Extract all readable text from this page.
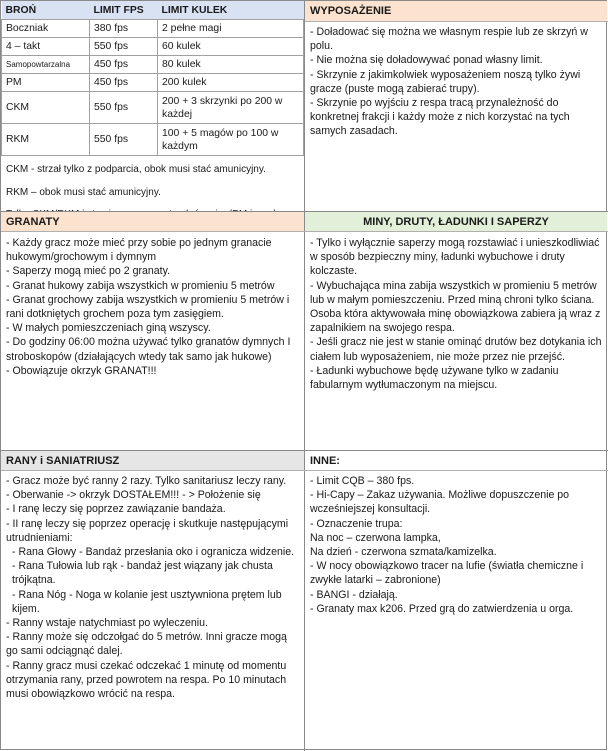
BROŃ	LIMIT FPS	LIMIT KULEK
Boczniak	380 fps	2 pełne magi
4 – takt	550 fps	60 kulek
Samopowtarzalna	450 fps	80 kulek
PM	450 fps	200 kulek
CKM	550 fps	200 + 3 skrzynki po 200 w każdej
RKM	550 fps	100 + 5 magów po 100 w każdym

CKM - strzał tylko z podparcia, obok musi stać amunicyjny.

RKM – obok musi stać amunicyjny.

WYPOSAŻENIE

- Doładować się można we własnym respie lub ze skrzyń w polu.

- Nie można się doładowywać ponad własny limit.

- Skrzynie z jakimkolwiek wyposażeniem noszą tylko żywi gracze (puste mogą zabierać trupy).

- Skrzynie po wyjściu z respa tracą przynależność do konkretnej frakcji i każdy może z nich korzystać na tych samych zasadach.

GRANATY

- Każdy gracz może mieć przy sobie po jednym granacie hukowym/grochowym i dymnym

- Saperzy mogą mieć po 2 granaty.

- Granat hukowy zabija wszystkich w promieniu 5 metrów

- Granat grochowy zabija wszystkich w promieniu 5 metrów i rani dotkniętych grochem poza tym zasięgiem.

- W małych pomieszczeniach giną wszyscy.

- Do godziny 06:00 można używać tylko granatów dymnych I stroboskopów (działających wtedy tak samo jak hukowe)

- Obowiązuje okrzyk GRANAT!!!

MINY, DRUTY, ŁADUNKI I SAPERZY

- Tylko i wyłącznie saperzy mogą rozstawiać i unieszkodliwiać w sposób bezpieczny miny, ładunki wybuchowe i druty kolczaste.

- Wybuchająca mina zabija wszystkich w promieniu 5 metrów lub w małym pomieszczeniu. Przed miną chroni tylko ściana. Osoba która aktywowała minę obowiązkowa zabiera ją wraz z zapalnikiem na swojego respa.

- Jeśli gracz nie jest w stanie ominąć drutów bez dotykania ich ciałem lub wyposażeniem, nie może przez nie przejść.

- Ładunki wybuchowe będę używane tylko w zadaniu fabularnym wytłumaczonym na miejscu.

RANY i SANIATRIUSZ

- Gracz może być ranny 2 razy. Tylko sanitariusz leczy rany.

- Oberwanie -> okrzyk DOSTAŁEM!!! - > Położenie się

- I ranę leczy się poprzez zawiązanie bandaża.

- II ranę leczy się poprzez operację i skutkuje następującymi utrudnieniami:

- Rana Głowy - Bandaż przesłania oko i ogranicza widzenie.

- Rana Tułowia lub rąk - bandaż jest wiązany jak chusta trójkątna.

- Rana Nóg - Noga w kolanie jest usztywniona prętem lub kijem.

- Ranny wstaje natychmiast po wyleczeniu.

- Ranny może się odczołgać do 5 metrów. Inni gracze mogą go sami odciągnąć dalej.

- Ranny gracz musi czekać odczekać 1 minutę od momentu otrzymania rany, przed powrotem na respa. Po 10 minutach musi obowiązkowo wrócić na respa.

INNE:

- Limit CQB – 380 fps.

- Hi-Capy – Zakaz używania. Możliwe dopuszczenie po wcześniejszej konsultacji.

- Oznaczenie trupa:

Na noc – czerwona lampka,

Na dzień - czerwona szmata/kamizelka.

- W nocy obowiązkowo tracer na lufie (światła chemiczne i zwykłe latarki – zabronione)

- BANGI - działają.

- Granaty max k206. Przed grą do zatwierdzenia u orga.
